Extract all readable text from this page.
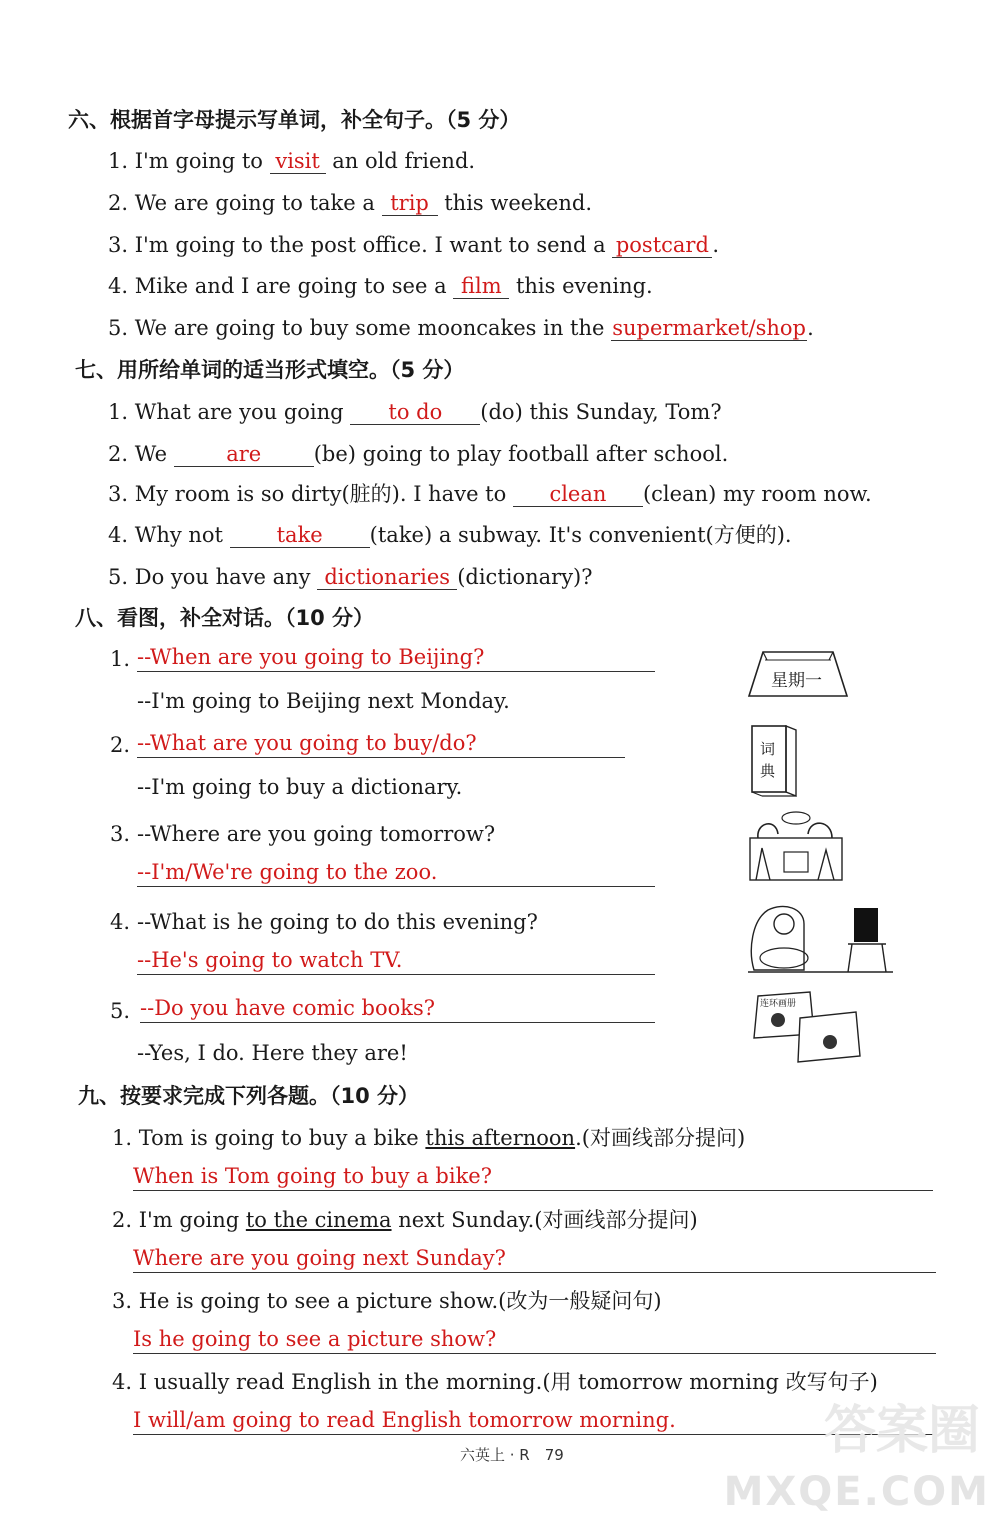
六、根据首字母提示写单词，补全句子。（5 分）
1. I'm going to visit an old friend.
2. We are going to take a trip this weekend.
3. I'm going to the post office. I want to send a postcard .
4. Mike and I are going to see a film this evening.
5. We are going to buy some mooncakes in the supermarket/shop.
七、用所给单词的适当形式填空。（5 分）
1. What are you going to do (do) this Sunday, Tom?
2. We	are	(be) going to play football after school.
3. My room is so dirty(脏的). I have to clean (clean) my room now.
4. Why not take (take) a subway. It's convenient(方便的).
5. Do you have any dictionaries (dictionary)?
八、看图，补全对话。（10 分）
1. --When are you going to Beijing?
--I'm going to Beijing next Monday.
2. --What are you going to buy/do?
--I'm going to buy a dictionary.
3. --Where are you going tomorrow?
--I'm/We're going to the zoo.
4. --What is he going to do this evening?
--He's going to watch TV.
5. --Do you have comic books?
--Yes, I do. Here they are!
星期一
词典
连环画册
九、按要求完成下列各题。（10 分）
1. Tom is going to buy a bike this afternoon.(对画线部分提问)
When is Tom going to buy a bike?
2. I'm going to the cinema next Sunday.(对画线部分提问)
Where are you going next Sunday?
3. He is going to see a picture show.(改为一般疑问句)
Is he going to see a picture show?
4. I usually read English in the morning.(用 tomorrow morning 改写句子)
I will/am going to read English tomorrow morning.
六英上 · R　79	答案圈
MXQE.COM
